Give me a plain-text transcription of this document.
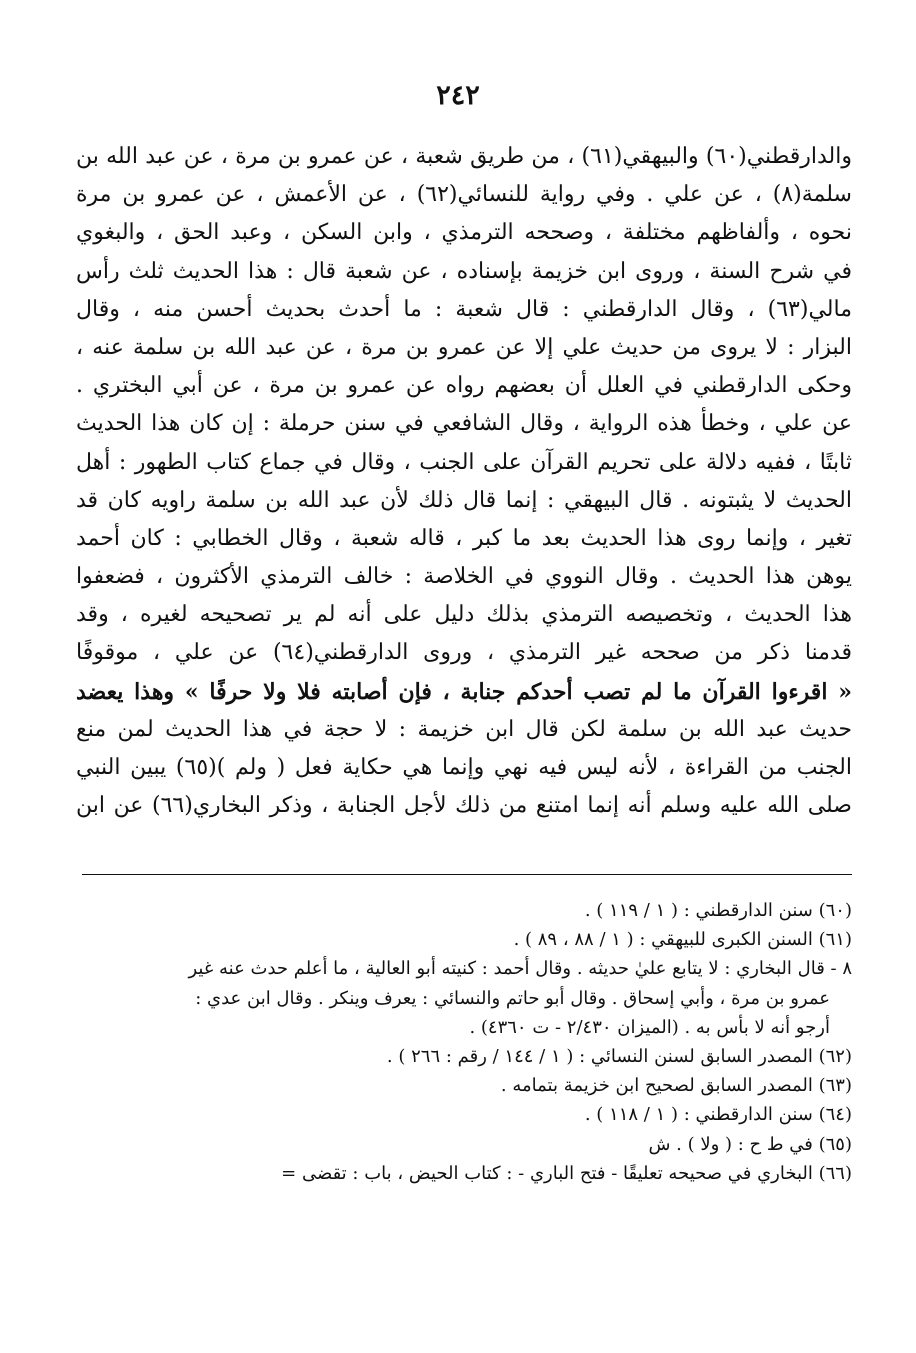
٢٤٢
والدارقطني(٦٠) والبيهقي(٦١) ، من طريق شعبة ، عن عمرو بن مرة ، عن عبد الله بن
سلمة(٨) ، عن علي . وفي رواية للنسائي(٦٢) ، عن الأعمش ، عن عمرو بن مرة
نحوه ، وألفاظهم مختلفة ، وصححه الترمذي ، وابن السكن ، وعبد الحق ، والبغوي
في شرح السنة ، وروى ابن خزيمة بإسناده ، عن شعبة قال : هذا الحديث ثلث رأس
مالي(٦٣) ، وقال الدارقطني : قال شعبة : ما أحدث بحديث أحسن منه ، وقال
البزار : لا يروى من حديث علي إلا عن عمرو بن مرة ، عن عبد الله بن سلمة عنه ،
وحكى الدارقطني في العلل أن بعضهم رواه عن عمرو بن مرة ، عن أبي البختري .
عن علي ، وخطأ هذه الرواية ، وقال الشافعي في سنن حرملة : إن كان هذا الحديث
ثابتًا ، ففيه دلالة على تحريم القرآن على الجنب ، وقال في جماع كتاب الطهور : أهل
الحديث لا يثبتونه . قال البيهقي : إنما قال ذلك لأن عبد الله بن سلمة راويه كان قد
تغير ، وإنما روى هذا الحديث بعد ما كبر ، قاله شعبة ، وقال الخطابي : كان أحمد
يوهن هذا الحديث . وقال النووي في الخلاصة : خالف الترمذي الأكثرون ، فضعفوا
هذا الحديث ، وتخصيصه الترمذي بذلك دليل على أنه لم ير تصحيحه لغيره ، وقد
قدمنا ذكر من صححه غير الترمذي ، وروى الدارقطني(٦٤) عن علي ، موقوفًا
« اقرءوا القرآن ما لم تصب أحدكم جنابة ، فإن أصابته فلا ولا حرفًا » وهذا يعضد
حديث عبد الله بن سلمة لكن قال ابن خزيمة : لا حجة في هذا الحديث لمن منع
الجنب من القراءة ، لأنه ليس فيه نهي وإنما هي حكاية فعل ( ولم )(٦٥) يبين النبي
صلى الله عليه وسلم أنه إنما امتنع من ذلك لأجل الجنابة ، وذكر البخاري(٦٦) عن ابن
(٦٠) سنن الدارقطني : ( ١ / ١١٩ ) .
(٦١) السنن الكبرى للبيهقي : ( ١ / ٨٨ ، ٨٩ ) .
٨ - قال البخاري : لا يتابع عليٰ حديثه . وقال أحمد : كنيته أبو العالية ، ما أعلم حدث عنه غير
عمرو بن مرة ، وأبي إسحاق . وقال أبو حاتم والنسائي : يعرف وينكر . وقال ابن عدي :
أرجو أنه لا بأس به . (الميزان ٢/٤٣٠ - ت ٤٣٦٠) .
(٦٢) المصدر السابق لسنن النسائي : ( ١ / ١٤٤ / رقم : ٢٦٦ ) .
(٦٣) المصدر السابق لصحيح ابن خزيمة بتمامه .
(٦٤) سنن الدارقطني : ( ١ / ١١٨ ) .
(٦٥) في ط ح : ( ولا ) . ش
(٦٦) البخاري في صحيحه تعليقًا - فتح الباري - : كتاب الحيض ، باب : تقضى =
